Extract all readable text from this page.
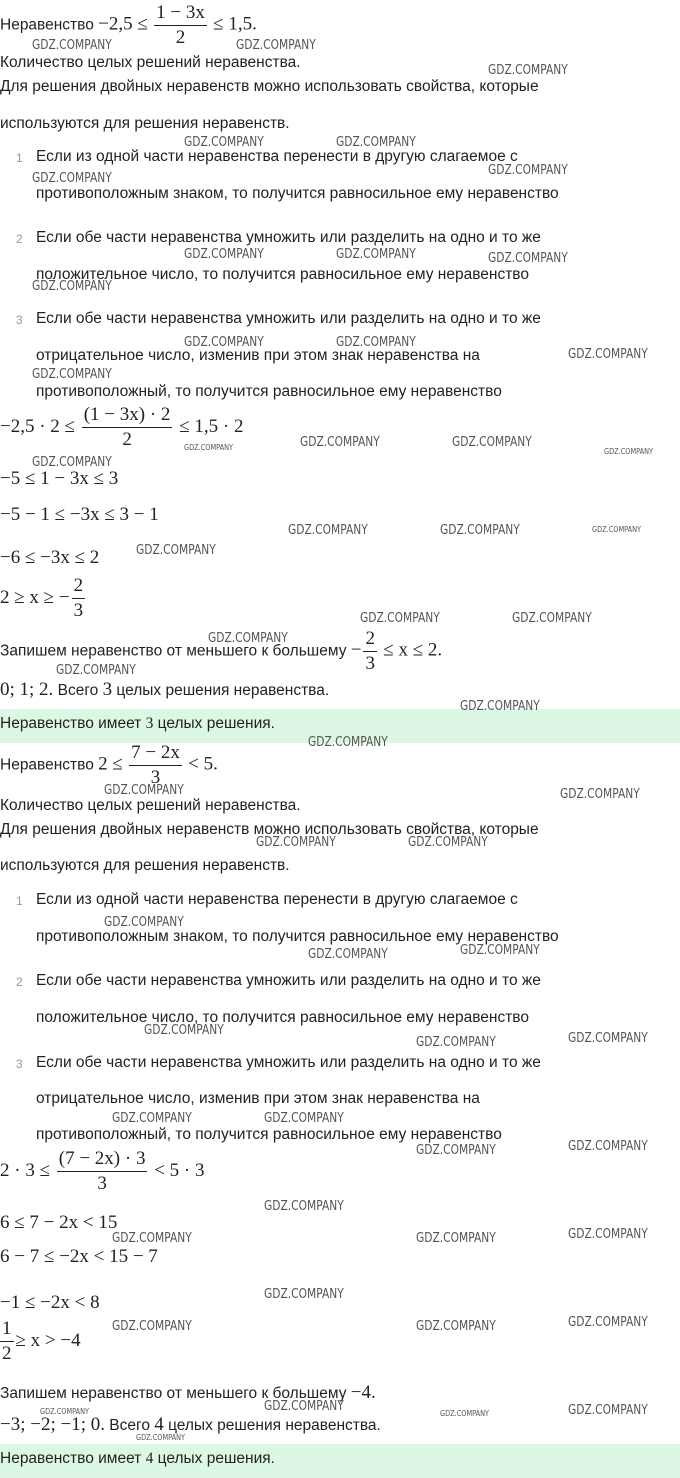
Неравенство $-2,5 \le \frac{1 - 3x}{2} \le 1,5$.
Количество целых решений неравенства.
Для решения двойных неравенств можно использовать свойства, которые
используются для решения неравенств.
1 Если из одной части неравенства перенести в другую слагаемое с
противоположным знаком, то получится равносильное ему неравенство
2 Если обе части неравенства умножить или разделить на одно и то же
положительное число, то получится равносильное ему неравенство
3 Если обе части неравенства умножить или разделить на одно и то же
отрицательное число, изменив при этом знак неравенства на
противоположный, то получится равносильное ему неравенство
$-2,5 \cdot 2 \le \frac{(1 - 3x) \cdot 2}{2} \le 1,5 \cdot 2$
−5 ≤ 1 − 3x ≤ 3
−5 − 1 ≤ −3x ≤ 3 − 1
−6 ≤ −3x ≤ 2
2 ≥ x ≥ − $\frac{2}{3}$
Запишем неравенство от меньшего к большему − $\frac{2}{3} \le x \le 2$.
0; 1; 2. Всего 3 целых решения неравенства.
Неравенство имеет 3 целых решения.
Неравенство $2 \le \frac{7 - 2x}{3} < 5$.
Количество целых решений неравенства.
Для решения двойных неравенств можно использовать свойства, которые
используются для решения неравенств.
1 Если из одной части неравенства перенести в другую слагаемое с
противоположным знаком, то получится равносильное ему неравенство
2 Если обе части неравенства умножить или разделить на одно и то же
положительное число, то получится равносильное ему неравенство
3 Если обе части неравенства умножить или разделить на одно и то же
отрицательное число, изменив при этом знак неравенства на
противоположный, то получится равносильное ему неравенство
$2 \cdot 3 \le \frac{(7 - 2x) \cdot 3}{3} < 5 \cdot 3$
6 ≤ 7 − 2x < 15
6 − 7 ≤ −2x < 15 − 7
−1 ≤ −2x < 8
$\frac{1}{2} \ge x > -4$
Запишем неравенство от меньшего к большему −4.
−3; −2; −1; 0. Всего 4 целых решения неравенства.
Неравенство имеет 4 целых решения.
GDZ.COMPANY	GDZ.COMPANY
GDZ.COMPANY
GDZ.COMPANY	GDZ.COMPANY
GDZ.COMPANY
GDZ.COMPANY
GDZ.COMPANY	GDZ.COMPANY	GDZ.COMPANY
GDZ.COMPANY
GDZ.COMPANY	GDZ.COMPANY
GDZ.COMPANY
GDZ.COMPANY
GDZ.COMPANY	GDZ.COMPANY	GDZ.COMPANY
GDZ.COMPANY
GDZ.COMPANY
GDZ.COMPANY	GDZ.COMPANY	GDZ.COMPANY
GDZ.COMPANY
GDZ.COMPANY	GDZ.COMPANY
GDZ.COMPANY
GDZ.COMPANY
GDZ.COMPANY
GDZ.COMPANY
GDZ.COMPANY	GDZ.COMPANY
GDZ.COMPANY	GDZ.COMPANY
GDZ.COMPANY
GDZ.COMPANY
GDZ.COMPANY
GDZ.COMPANY
GDZ.COMPANY
GDZ.COMPANY
GDZ.COMPANY	GDZ.COMPANY
GDZ.COMPANY
GDZ.COMPANY
GDZ.COMPANY
GDZ.COMPANY	GDZ.COMPANY
GDZ.COMPANY
GDZ.COMPANY
GDZ.COMPANY	GDZ.COMPANY
GDZ.COMPANY
GDZ.COMPANY
GDZ.COMPANY	GDZ.COMPANY	GDZ.COMPANY
GDZ.COMPANY
